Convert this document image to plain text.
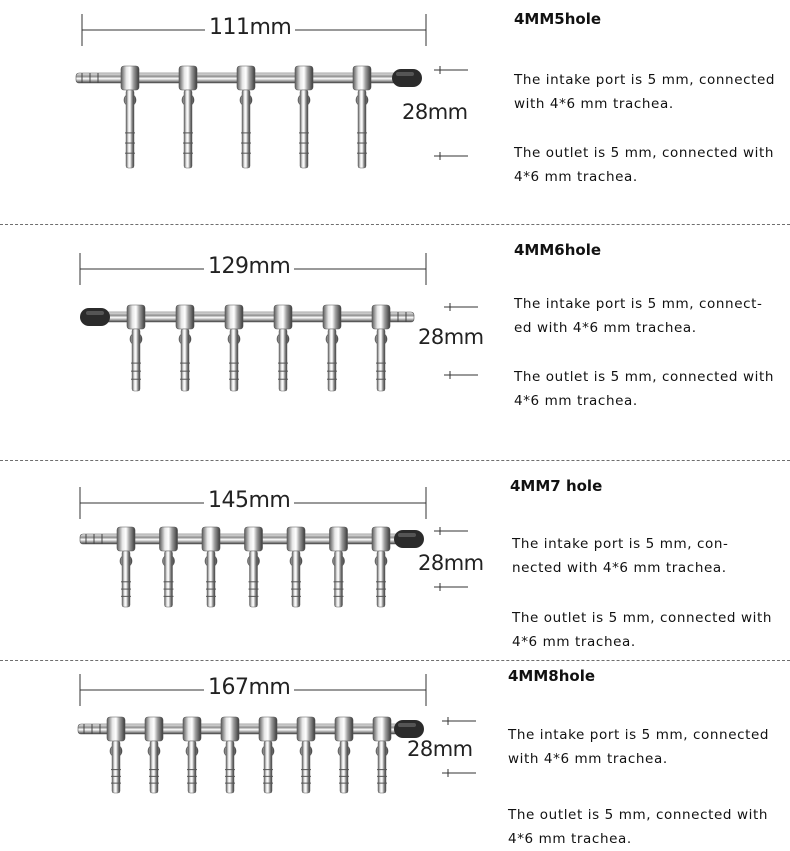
111mm
28mm
4MM5hole
The intake port is 5 mm, connected with 4*6 mm trachea.
The outlet is 5 mm, connected with 4*6 mm trachea.
129mm
28mm
4MM6hole
The intake port is 5 mm, connect-ed with 4*6 mm trachea.
The outlet is 5 mm, connected with 4*6 mm trachea.
145mm
28mm
4MM7 hole
The intake port is 5 mm, con-nected with 4*6 mm trachea.
The outlet is 5 mm, connected with 4*6 mm trachea.
167mm
28mm
4MM8hole
The intake port is 5 mm, connected with 4*6 mm trachea.
The outlet is 5 mm, connected with 4*6 mm trachea.
